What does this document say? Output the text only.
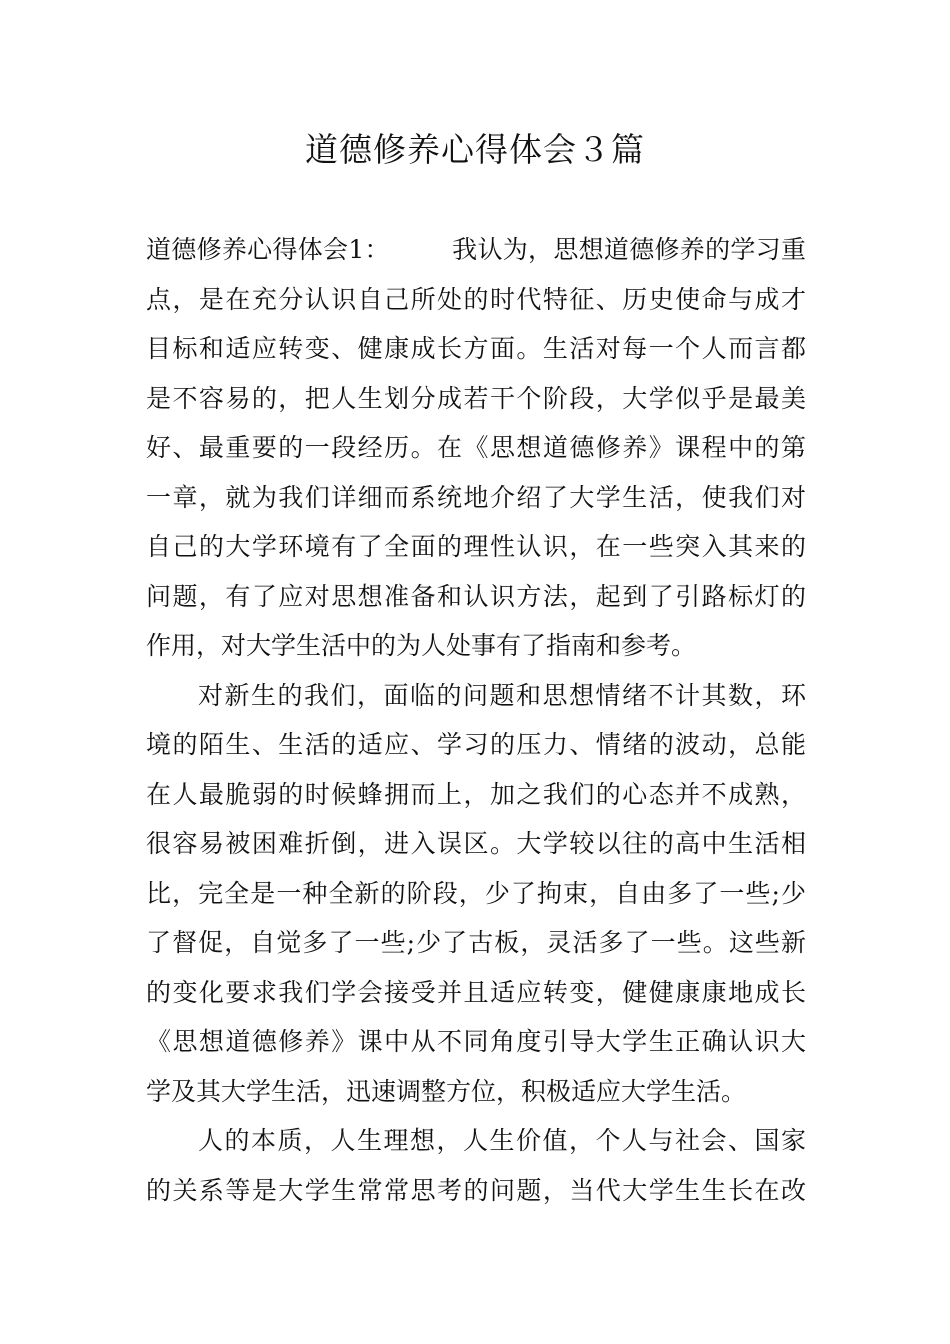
道德修养心得体会３篇
道德修养心得体会1： 我认为，思想道德修养的学习重
点，是在充分认识自己所处的时代特征、历史使命与成才
目标和适应转变、健康成长方面。生活对每一个人而言都
是不容易的，把人生划分成若干个阶段，大学似乎是最美
好、最重要的一段经历。在《思想道德修养》课程中的第
一章，就为我们详细而系统地介绍了大学生活，使我们对
自己的大学环境有了全面的理性认识，在一些突入其来的
问题，有了应对思想准备和认识方法，起到了引路标灯的
作用，对大学生活中的为人处事有了指南和参考。
对新生的我们，面临的问题和思想情绪不计其数，环
境的陌生、生活的适应、学习的压力、情绪的波动，总能
在人最脆弱的时候蜂拥而上，加之我们的心态并不成熟，
很容易被困难折倒，进入误区。大学较以往的高中生活相
比，完全是一种全新的阶段，少了拘束，自由多了一些;少
了督促，自觉多了一些;少了古板，灵活多了一些。这些新
的变化要求我们学会接受并且适应转变，健健康康地成长
《思想道德修养》课中从不同角度引导大学生正确认识大
学及其大学生活，迅速调整方位，积极适应大学生活。
人的本质，人生理想，人生价值，个人与社会、国家
的关系等是大学生常常思考的问题，当代大学生生长在改
